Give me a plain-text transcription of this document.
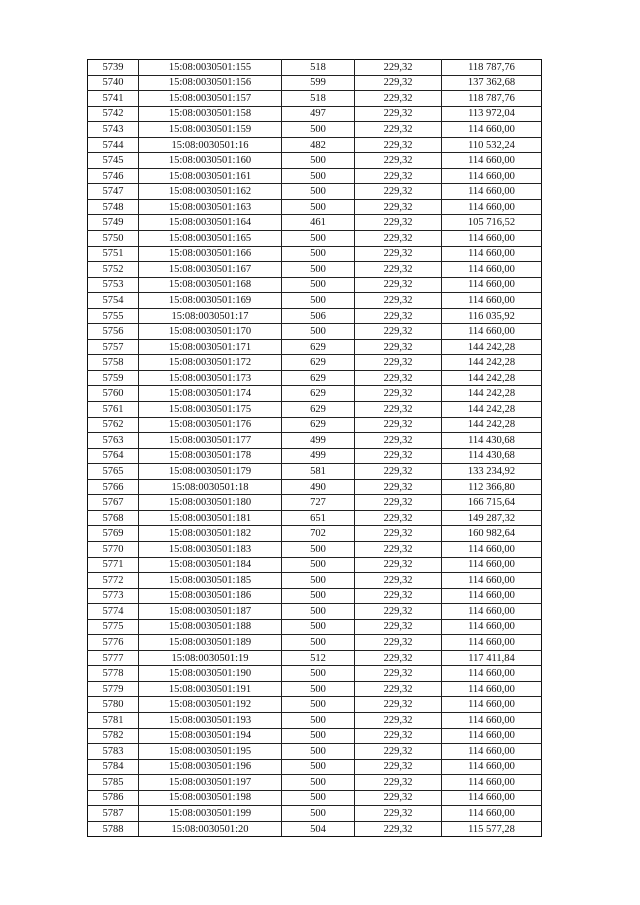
5739	15:08:0030501:155	518	229,32	118 787,76
5740	15:08:0030501:156	599	229,32	137 362,68
5741	15:08:0030501:157	518	229,32	118 787,76
5742	15:08:0030501:158	497	229,32	113 972,04
5743	15:08:0030501:159	500	229,32	114 660,00
5744	15:08:0030501:16	482	229,32	110 532,24
5745	15:08:0030501:160	500	229,32	114 660,00
5746	15:08:0030501:161	500	229,32	114 660,00
5747	15:08:0030501:162	500	229,32	114 660,00
5748	15:08:0030501:163	500	229,32	114 660,00
5749	15:08:0030501:164	461	229,32	105 716,52
5750	15:08:0030501:165	500	229,32	114 660,00
5751	15:08:0030501:166	500	229,32	114 660,00
5752	15:08:0030501:167	500	229,32	114 660,00
5753	15:08:0030501:168	500	229,32	114 660,00
5754	15:08:0030501:169	500	229,32	114 660,00
5755	15:08:0030501:17	506	229,32	116 035,92
5756	15:08:0030501:170	500	229,32	114 660,00
5757	15:08:0030501:171	629	229,32	144 242,28
5758	15:08:0030501:172	629	229,32	144 242,28
5759	15:08:0030501:173	629	229,32	144 242,28
5760	15:08:0030501:174	629	229,32	144 242,28
5761	15:08:0030501:175	629	229,32	144 242,28
5762	15:08:0030501:176	629	229,32	144 242,28
5763	15:08:0030501:177	499	229,32	114 430,68
5764	15:08:0030501:178	499	229,32	114 430,68
5765	15:08:0030501:179	581	229,32	133 234,92
5766	15:08:0030501:18	490	229,32	112 366,80
5767	15:08:0030501:180	727	229,32	166 715,64
5768	15:08:0030501:181	651	229,32	149 287,32
5769	15:08:0030501:182	702	229,32	160 982,64
5770	15:08:0030501:183	500	229,32	114 660,00
5771	15:08:0030501:184	500	229,32	114 660,00
5772	15:08:0030501:185	500	229,32	114 660,00
5773	15:08:0030501:186	500	229,32	114 660,00
5774	15:08:0030501:187	500	229,32	114 660,00
5775	15:08:0030501:188	500	229,32	114 660,00
5776	15:08:0030501:189	500	229,32	114 660,00
5777	15:08:0030501:19	512	229,32	117 411,84
5778	15:08:0030501:190	500	229,32	114 660,00
5779	15:08:0030501:191	500	229,32	114 660,00
5780	15:08:0030501:192	500	229,32	114 660,00
5781	15:08:0030501:193	500	229,32	114 660,00
5782	15:08:0030501:194	500	229,32	114 660,00
5783	15:08:0030501:195	500	229,32	114 660,00
5784	15:08:0030501:196	500	229,32	114 660,00
5785	15:08:0030501:197	500	229,32	114 660,00
5786	15:08:0030501:198	500	229,32	114 660,00
5787	15:08:0030501:199	500	229,32	114 660,00
5788	15:08:0030501:20	504	229,32	115 577,28
